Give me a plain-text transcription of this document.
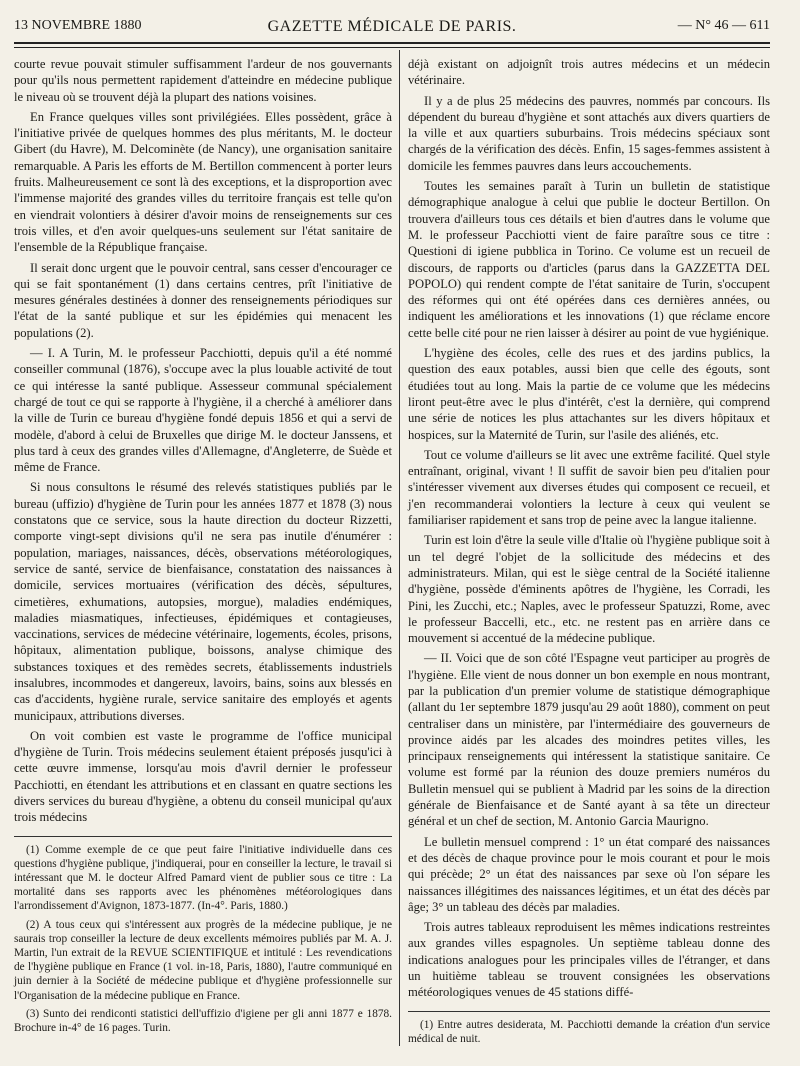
13 NOVEMBRE 1880	GAZETTE MÉDICALE DE PARIS.	— N° 46 — 611

courte revue pouvait stimuler suffisamment l'ardeur de nos gouvernants pour qu'ils nous permettent rapidement d'atteindre en médecine publique le niveau où se trouvent déjà la plupart des nations voisines.

En France quelques villes sont privilégiées. Elles possèdent, grâce à l'initiative privée de quelques hommes des plus méritants, M. le docteur Gibert (du Havre), M. Delcominète (de Nancy), une organisation sanitaire remarquable. A Paris les efforts de M. Bertillon commencent à porter leurs fruits. Malheureusement ce sont là des exceptions, et la disproportion avec l'immense majorité des grandes villes du territoire français est telle qu'on en viendrait volontiers à désirer d'avoir moins de renseignements sur ces trois villes, et d'en avoir quelques-uns seulement sur l'état sanitaire de l'ensemble de la République française.

Il serait donc urgent que le pouvoir central, sans cesser d'encourager ce qui se fait spontanément (1) dans certains centres, prît l'initiative de mesures générales destinées à donner des renseignements périodiques sur l'état de la santé publique et sur les épidémies qui menacent les populations (2).

— I. A Turin, M. le professeur Pacchiotti, depuis qu'il a été nommé conseiller communal (1876), s'occupe avec la plus louable activité de tout ce qui intéresse la santé publique. Assesseur communal spécialement chargé de tout ce qui se rapporte à l'hygiène, il a cherché à améliorer dans la ville de Turin ce bureau d'hygiène fondé depuis 1856 et qui a servi de modèle, d'abord à celui de Bruxelles que dirige M. le docteur Janssens, et plus tard à ceux des grandes villes d'Allemagne, d'Angleterre, de Suède et même de France.

Si nous consultons le résumé des relevés statistiques publiés par le bureau (uffizio) d'hygiène de Turin pour les années 1877 et 1878 (3) nous constatons que ce service, sous la haute direction du docteur Rizzetti, comporte vingt-sept divisions qu'il ne sera pas inutile d'énumérer : population, mariages, naissances, décès, observations météorologiques, service de santé, service de bienfaisance, constatation des naissances à domicile, services mortuaires (vérification des décès, sépultures, cimetières, exhumations, autopsies, morgue), maladies endémiques, maladies miasmatiques, infectieuses, épidémiques et contagieuses, vaccinations, services de médecine vétérinaire, logements, écoles, prisons, hôpitaux, alimentation publique, boissons, analyse chimique des substances toxiques et des remèdes secrets, établissements industriels insalubres, incommodes et dangereux, lavoirs, bains, soins aux blessés en cas d'accidents, hygiène rurale, service sanitaire des employés et agents municipaux, attributions diverses.

On voit combien est vaste le programme de l'office municipal d'hygiène de Turin. Trois médecins seulement étaient préposés jusqu'ici à cette œuvre immense, lorsqu'au mois d'avril dernier le professeur Pacchiotti, en étendant les attributions et en classant en quatre sections les divers services du bureau d'hygiène, a obtenu du conseil municipal qu'aux trois médecins

(1) Comme exemple de ce que peut faire l'initiative individuelle dans ces questions d'hygiène publique, j'indiquerai, pour en conseiller la lecture, le travail si intéressant que M. le docteur Alfred Pamard vient de publier sous ce titre : La mortalité dans ses rapports avec les phénomènes météorologiques dans l'arrondissement d'Avignon, 1873-1877. (In-4°. Paris, 1880.)

(2) A tous ceux qui s'intéressent aux progrès de la médecine publique, je ne saurais trop conseiller la lecture de deux excellents mémoires publiés par M. A. J. Martin, l'un extrait de la REVUE SCIENTIFIQUE et intitulé : Les revendications de l'hygiène publique en France (1 vol. in-18, Paris, 1880), l'autre communiqué en juin dernier à la Société de médecine publique et d'hygiène professionnelle sur l'Organisation de la médecine publique en France.

(3) Sunto dei rendiconti statistici dell'uffizio d'igiene per gli anni 1877 e 1878. Brochure in-4° de 16 pages. Turin.

déjà existant on adjoignît trois autres médecins et un médecin vétérinaire.

Il y a de plus 25 médecins des pauvres, nommés par concours. Ils dépendent du bureau d'hygiène et sont attachés aux divers quartiers de la ville et aux quartiers suburbains. Trois médecins spéciaux sont chargés de la vérification des décès. Enfin, 15 sages-femmes assistent à domicile les femmes pauvres dans leurs accouchements.

Toutes les semaines paraît à Turin un bulletin de statistique démographique analogue à celui que publie le docteur Bertillon. On trouvera d'ailleurs tous ces détails et bien d'autres dans le volume que M. le professeur Pacchiotti vient de faire paraître sous ce titre : Questioni di igiene pubblica in Torino. Ce volume est un recueil de discours, de rapports ou d'articles (parus dans la GAZZETTA DEL POPOLO) qui rendent compte de l'état sanitaire de Turin, s'occupent des réformes qui ont été opérées dans ces dernières années, ou indiquent les améliorations et les innovations (1) que réclame encore cette belle cité pour ne rien laisser à désirer au point de vue hygiénique.

L'hygiène des écoles, celle des rues et des jardins publics, la question des eaux potables, aussi bien que celle des égouts, sont étudiées tout au long. Mais la partie de ce volume que les médecins liront peut-être avec le plus d'intérêt, c'est la dernière, qui comprend une série de notices les plus attachantes sur les divers hôpitaux et hospices, sur la Maternité de Turin, sur l'asile des aliénés, etc.

Tout ce volume d'ailleurs se lit avec une extrême facilité. Quel style entraînant, original, vivant ! Il suffit de savoir bien peu d'italien pour s'intéresser vivement aux diverses études qui composent ce recueil, et j'en recommanderai volontiers la lecture à ceux qui veulent se familiariser rapidement et sans trop de peine avec la langue italienne.

Turin est loin d'être la seule ville d'Italie où l'hygiène publique soit à un tel degré l'objet de la sollicitude des médecins et des administrateurs. Milan, qui est le siège central de la Société italienne d'hygiène, possède d'éminents apôtres de l'hygiène, les Corradi, les Pini, les Zucchi, etc.; Naples, avec le professeur Spatuzzi, Rome, avec le professeur Baccelli, etc., etc. ne restent pas en arrière dans ce mouvement si accentué de la médecine publique.

— II. Voici que de son côté l'Espagne veut participer au progrès de l'hygiène. Elle vient de nous donner un bon exemple en nous montrant, par la publication d'un premier volume de statistique démographique (allant du 1er septembre 1879 jusqu'au 29 août 1880), comment on peut centraliser dans un ministère, par l'intermédiaire des gouverneurs de province aidés par les alcades des moindres petites villes, les principaux renseignements qui intéressent la statistique sanitaire. Ce volume est formé par la réunion des douze premiers numéros du Bulletin mensuel qui se publient à Madrid par les soins de la direction générale de Bienfaisance et de Santé ayant à sa tête un directeur général et un chef de section, M. Antonio Garcia Maurigno.

Le bulletin mensuel comprend : 1° un état comparé des naissances et des décès de chaque province pour le mois courant et pour le mois qui précède; 2° un état des naissances par sexe où l'on sépare les naissances illégitimes des naissances légitimes, et un état des décès par âge; 3° un tableau des décès par maladies.

Trois autres tableaux reproduisent les mêmes indications restreintes aux grandes villes espagnoles. Un septième tableau donne des indications analogues pour les principales villes de l'étranger, et dans un huitième tableau se trouvent consignées les observations météorologiques venues de 45 stations diffé-

(1) Entre autres desiderata, M. Pacchiotti demande la création d'un service médical de nuit.
